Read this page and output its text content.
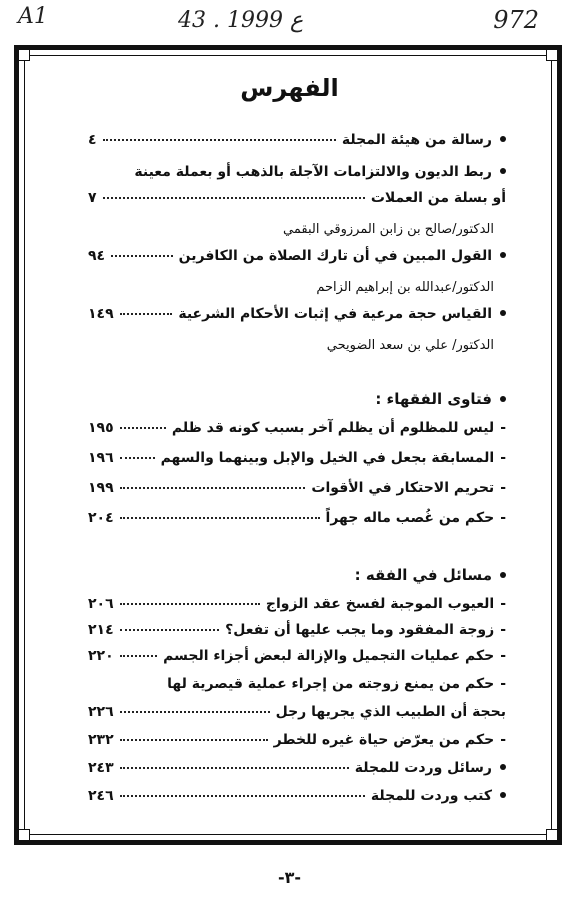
A1	43 . ع 1999	972
الفهرس
رسالة من هيئة المجلة
٤
ربط الديون والالتزامات الآجلة بالذهب أو بعملة معينة
أو بسلة من العملات
٧
الدكتور/صالح بن زابن المرزوقي البقمي
القول المبين في أن تارك الصلاة من الكافرين
٩٤
الدكتور/عبدالله بن إبراهيم الزاحم
القياس حجة مرعية في إثبات الأحكام الشرعية
١٤٩
الدكتور/ علي بن سعد الضويحي
فتاوى الفقهاء :
-
ليس للمظلوم أن يظلم آخر بسبب كونه قد ظلم
١٩٥
-
المسابقة بجعل في الخيل والإبل وبينهما والسهم
١٩٦
-
تحريم الاحتكار في الأقوات
١٩٩
-
حكم من غُصب ماله جهراً
٢٠٤
مسائل في الفقه :
-
العيوب الموجبة لفسخ عقد الزواج
٢٠٦
-
زوجة المفقود وما يجب عليها أن تفعل؟
٢١٤
-
حكم عمليات التجميل والإزالة لبعض أجزاء الجسم
٢٢٠
-
حكم من يمنع زوجته من إجراء عملية قيصرية لها
بحجة أن الطبيب الذي يجريها رجل
٢٢٦
-
حكم من يعرّض حياة غيره للخطر
٢٣٢
رسائل وردت للمجلة
٢٤٣
كتب وردت للمجلة
٢٤٦
-٣-
